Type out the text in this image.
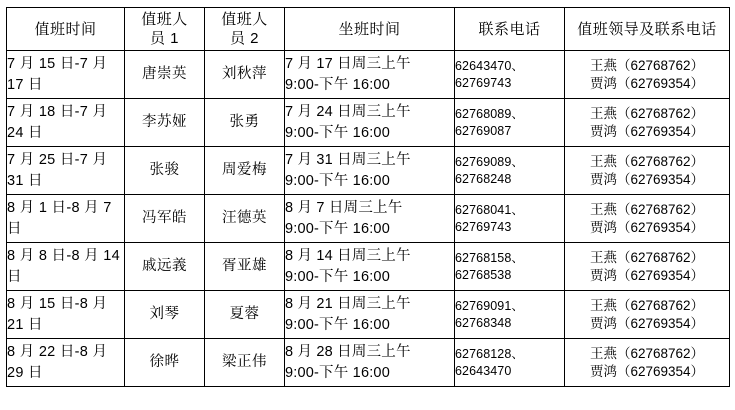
值班时间	值班人员 1	值班人员 2	坐班时间	联系电话	值班领导及联系电话
7 月 15 日-7 月 17 日	唐崇英	刘秋萍	7 月 17 日周三上午
9:00-下午 16:00	62643470、
62769743	王燕（62768762）
贾鸿（62769354）

7 月 18 日-7 月 24 日	李苏娅	张勇	7 月 24 日周三上午
9:00-下午 16:00	62768089、
62769087	王燕（62768762）
贾鸿（62769354）

7 月 25 日-7 月 31 日	张骏	周爱梅	7 月 31 日周三上午
9:00-下午 16:00	62769089、
62768248	王燕（62768762）
贾鸿（62769354）

8 月 1 日-8 月 7 日	冯军皓	汪德英	8 月 7 日周三上午
9:00-下午 16:00	62768041、
62769743	王燕（62768762）
贾鸿（62769354）

8 月 8 日-8 月 14 日	戚远義	胥亚雄	8 月 14 日周三上午
9:00-下午 16:00	62768158、
62768538	王燕（62768762）
贾鸿（62769354）

8 月 15 日-8 月 21 日	刘琴	夏蓉	8 月 21 日周三上午
9:00-下午 16:00	62769091、
62768348	王燕（62768762）
贾鸿（62769354）

8 月 22 日-8 月 29 日	徐晔	梁正伟	8 月 28 日周三上午
9:00-下午 16:00	62768128、
62643470	王燕（62768762）
贾鸿（62769354）
